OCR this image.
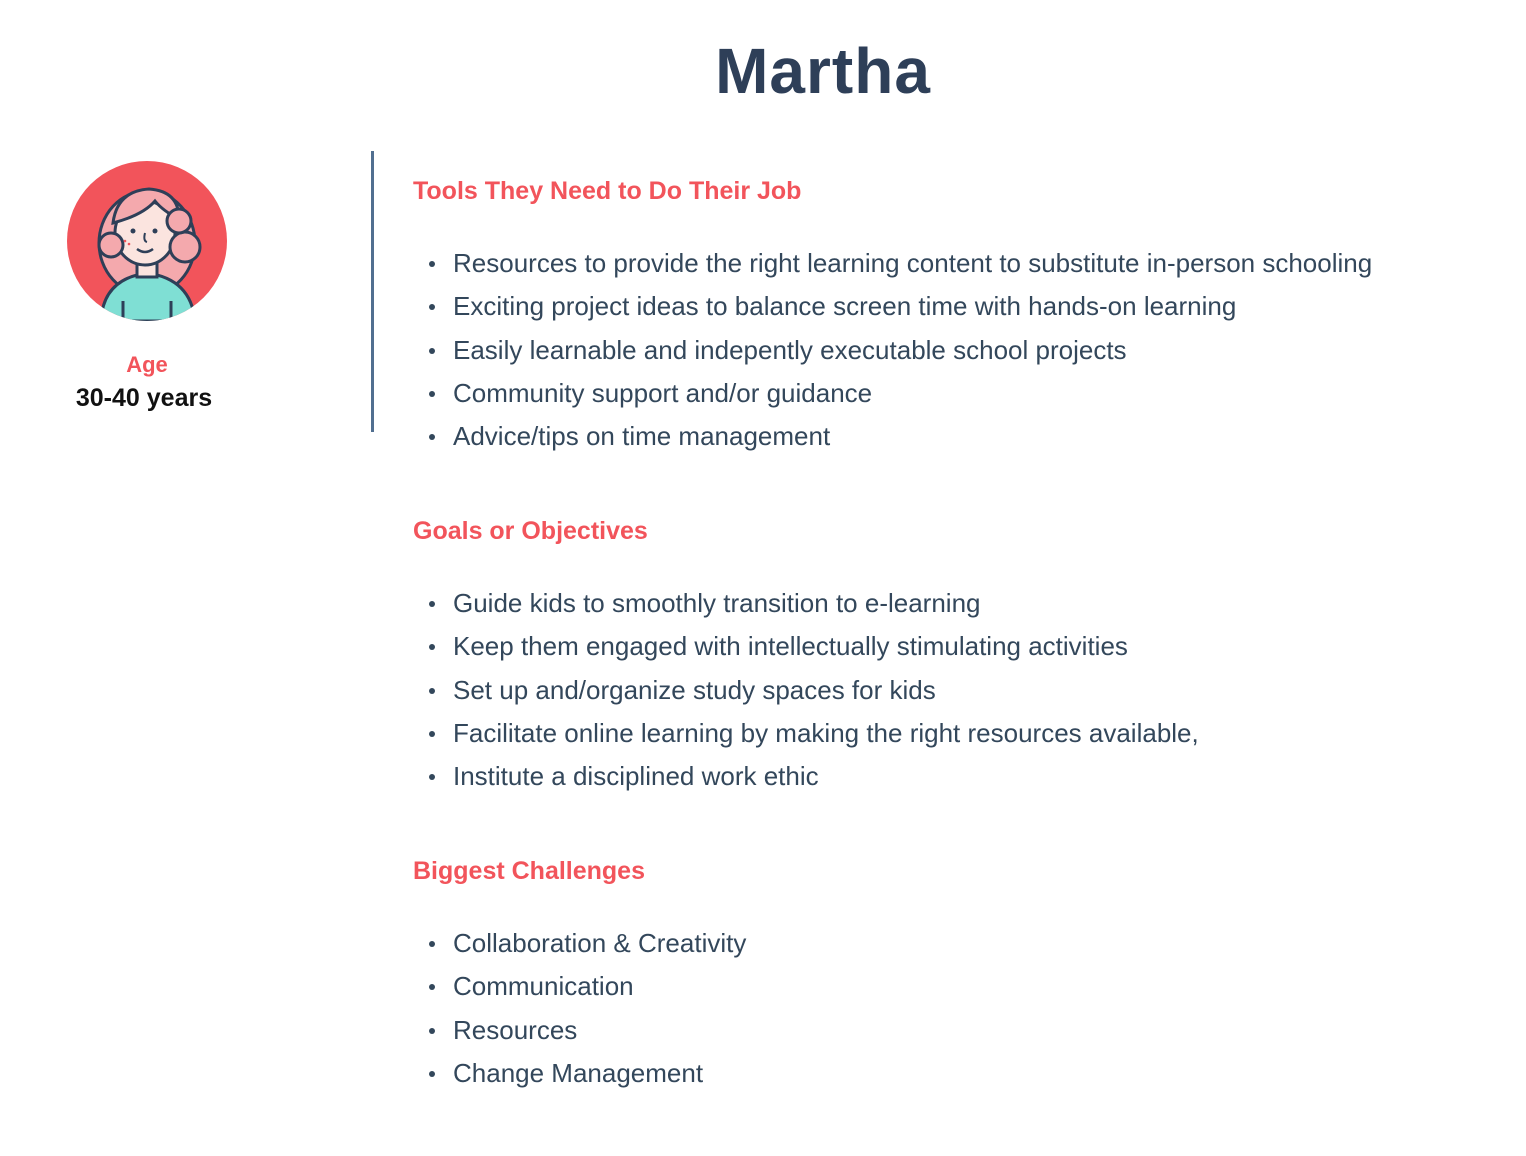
Martha
Age
30-40 years
Tools They Need to Do Their Job
Resources to provide the right learning content to substitute in-person schooling
Exciting project ideas to balance screen time with hands-on learning
Easily learnable and indepently executable school projects
Community support and/or guidance
Advice/tips on time management
Goals or Objectives
Guide kids to smoothly transition to e-learning
Keep them engaged with intellectually stimulating activities
Set up and/organize study spaces for kids
Facilitate online learning by making the right resources available,
Institute a disciplined work ethic
Biggest Challenges
Collaboration & Creativity
Communication
Resources
Change Management
